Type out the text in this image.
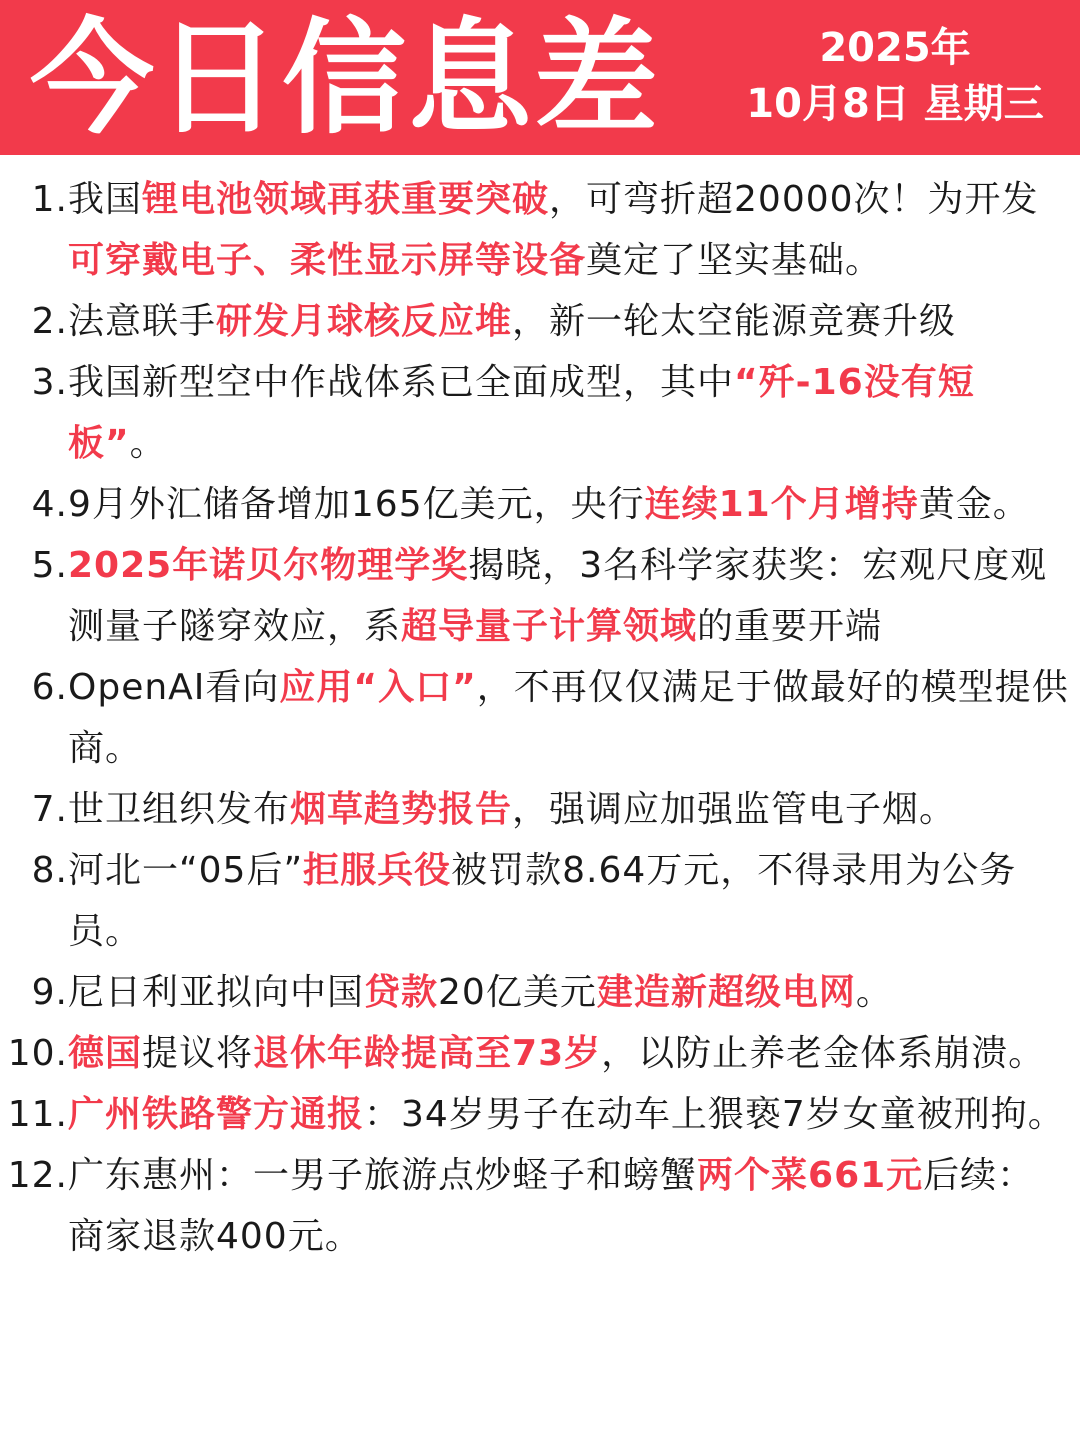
今日信息差	2025年
10月8日 星期三
1. 我国锂电池领域再获重要突破，可弯折超20000次！为开发可穿戴电子、柔性显示屏等设备奠定了坚实基础。
2. 法意联手研发月球核反应堆，新一轮太空能源竞赛升级
3. 我国新型空中作战体系已全面成型，其中“歼-16没有短板”。
4. 9月外汇储备增加165亿美元，央行连续11个月增持黄金。
5. 2025年诺贝尔物理学奖揭晓，3名科学家获奖：宏观尺度观测量子隧穿效应，系超导量子计算领域的重要开端
6. OpenAI看向应用“入口”，不再仅仅满足于做最好的模型提供商。
7. 世卫组织发布烟草趋势报告，强调应加强监管电子烟。
8. 河北一“05后”拒服兵役被罚款8.64万元，不得录用为公务员。
9. 尼日利亚拟向中国贷款20亿美元建造新超级电网。
10. 德国提议将退休年龄提高至73岁，以防止养老金体系崩溃。
11. 广州铁路警方通报：34岁男子在动车上猥亵7岁女童被刑拘。
12. 广东惠州：一男子旅游点炒蛏子和螃蟹两个菜661元后续：商家退款400元。
